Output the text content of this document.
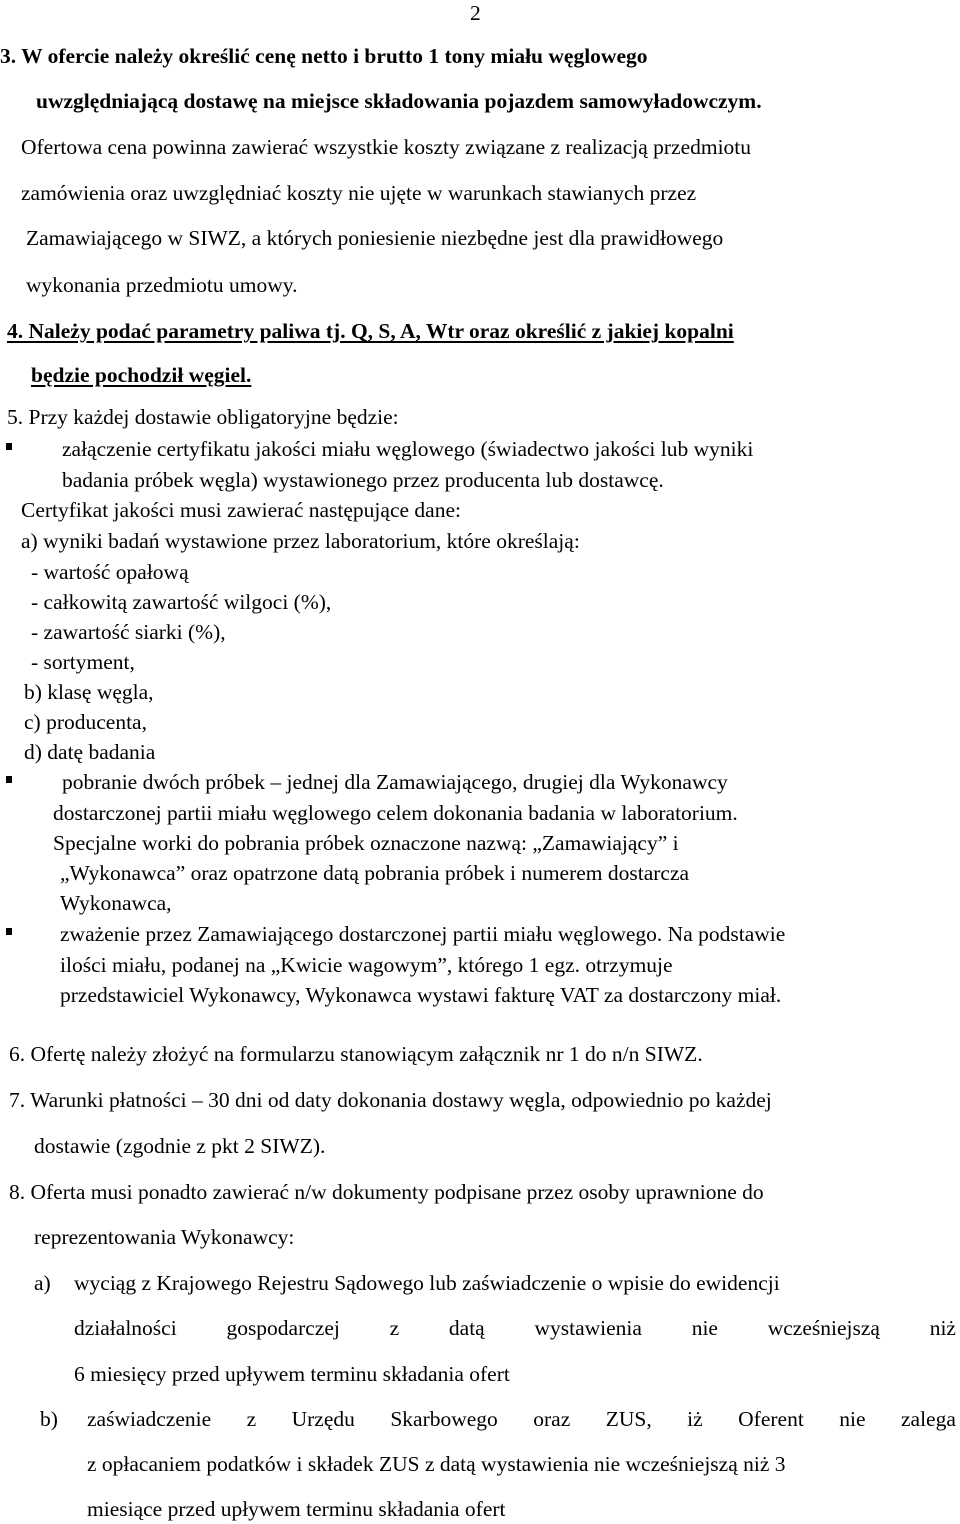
2
3. W ofercie należy określić cenę netto i brutto 1 tony miału węglowego
uwzględniającą dostawę na miejsce składowania pojazdem samowyładowczym.
Ofertowa cena powinna zawierać wszystkie koszty związane z realizacją przedmiotu
zamówienia oraz uwzględniać koszty nie ujęte w warunkach stawianych przez
Zamawiającego w SIWZ, a których poniesienie niezbędne jest dla prawidłowego
wykonania przedmiotu umowy.
4. Należy podać parametry paliwa tj. Q, S, A, Wtr oraz określić z jakiej kopalni
będzie pochodził węgiel.
5. Przy każdej dostawie obligatoryjne będzie:
załączenie certyfikatu jakości miału węglowego (świadectwo jakości lub wyniki
badania próbek węgla) wystawionego przez producenta lub dostawcę.
Certyfikat jakości musi zawierać następujące dane:
a) wyniki badań wystawione przez laboratorium, które określają:
- wartość opałową
- całkowitą zawartość wilgoci (%),
- zawartość siarki (%),
- sortyment,
b) klasę węgla,
c) producenta,
d) datę badania
pobranie dwóch próbek – jednej dla Zamawiającego, drugiej dla Wykonawcy
dostarczonej partii miału węglowego celem dokonania badania w laboratorium.
Specjalne worki do pobrania próbek oznaczone nazwą: „Zamawiający” i
„Wykonawca” oraz opatrzone datą pobrania próbek i numerem dostarcza
Wykonawca,
zważenie przez Zamawiającego dostarczonej partii miału węglowego. Na podstawie
ilości miału, podanej na „Kwicie wagowym”, którego 1 egz. otrzymuje
przedstawiciel Wykonawcy, Wykonawca wystawi fakturę VAT za dostarczony miał.
6. Ofertę należy złożyć na formularzu stanowiącym załącznik nr 1 do n/n SIWZ.
7. Warunki płatności – 30 dni od daty dokonania dostawy węgla, odpowiednio po każdej
dostawie (zgodnie z pkt 2 SIWZ).
8. Oferta musi ponadto zawierać n/w dokumenty podpisane przez osoby uprawnione do
reprezentowania Wykonawcy:
a) wyciąg z Krajowego Rejestru Sądowego lub zaświadczenie o wpisie do ewidencji
działalności gospodarczej z datą wystawienia nie wcześniejszą niż
6 miesięcy przed upływem terminu składania ofert
b) zaświadczenie z Urzędu Skarbowego oraz ZUS, iż Oferent nie zalega
z opłacaniem podatków i składek ZUS z datą wystawienia nie wcześniejszą niż 3
miesiące przed upływem terminu składania ofert
